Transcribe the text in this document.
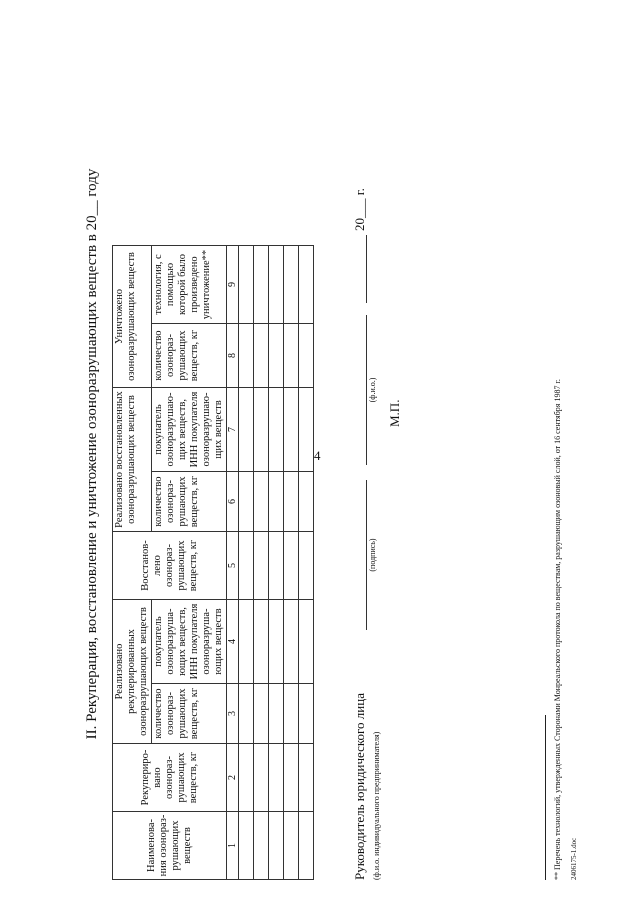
4
II. Рекуперация, восстановление и уничтожение озоноразрушающих веществ в 20__ году
Наименова-ния озонораз-рушающих веществ	Рекупериро-вано озонораз-рушающих веществ, кг	Реализовано рекуперированных озоноразрушающих веществ		Восстанов-лено озонораз-рушающих веществ, кг	Реализовано восстановленных озоноразрушающих веществ		Уничтожено озоноразрушающих веществ	
		количество озонораз-рушающих веществ, кг	покупатель озоноразруша-ющих веществ, ИНН покупателя озоноразруша-ющих веществ		количество озонораз-рушающих веществ, кг	покупатель озоноразрушаю-щих веществ, ИНН покупателя озоноразрушаю-щих веществ	количество озонораз-рушающих веществ, кг	технология, с помощью которой было произведено уничтожение**
1	2	3	4	5	6	7	8	9

Руководитель юридического лица (ф.и.о. индивидуального предпринимателя)
(подпись)
(ф.и.о.)
20___ г.
М.П.	** Перечень технологий, утвержденных Сторонами Монреальского протокола по веществам, разрушающим озоновый слой, от 16 сентября 1987 г. 2406175-1.doc
